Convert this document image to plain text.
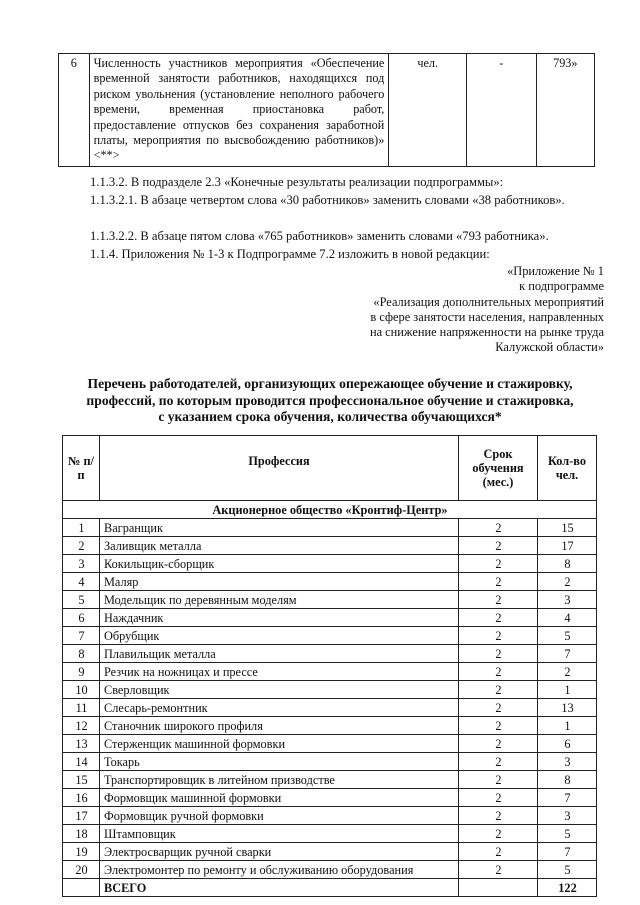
6	Численность участников мероприятия «Обеспечение временной занятости работников, находящихся под риском увольнения (установление неполного рабочего времени, временная приостановка работ, предоставление отпусков без сохранения заработной платы, мероприятия по высвобождению работников)» <**>	чел.	-	793»

1.1.3.2. В подразделе 2.3 «Конечные результаты реализации подпрограммы»:

1.1.3.2.1. В абзаце четвертом слова «30 работников» заменить словами «38 работников».

1.1.3.2.2. В абзаце пятом слова «765 работников» заменить словами «793 работника».

1.1.4. Приложения № 1-3 к Подпрограмме 7.2 изложить в новой редакции:

«Приложение № 1
к подпрограмме
«Реализация дополнительных мероприятий
в сфере занятости населения, направленных
на снижение напряженности на рынке труда
Калужской области»
Перечень работодателей, организующих опережающее обучение и стажировку,
профессий, по которым проводится профессиональное обучение и стажировка,
с указанием срока обучения, количества обучающихся*
№ п/п	Профессия	Срок обучения (мес.)	Кол-во чел.
Акционерное общество «Кронтиф-Центр»			
1	Вагранщик	2	15
2	Заливщик металла	2	17
3	Кокильщик-сборщик	2	8
4	Маляр	2	2
5	Модельщик по деревянным моделям	2	3
6	Наждачник	2	4
7	Обрубщик	2	5
8	Плавильщик металла	2	7
9	Резчик на ножницах и прессе	2	2
10	Сверловщик	2	1
11	Слесарь-ремонтник	2	13
12	Станочник широкого профиля	2	1
13	Стерженщик машинной формовки	2	6
14	Токарь	2	3
15	Транспортировщик в литейном призводстве	2	8
16	Формовщик машинной формовки	2	7
17	Формовщик ручной формовки	2	3
18	Штамповщик	2	5
19	Электросварщик ручной сварки	2	7
20	Электромонтер по ремонту и обслуживанию оборудования	2	5
	ВСЕГО		122
